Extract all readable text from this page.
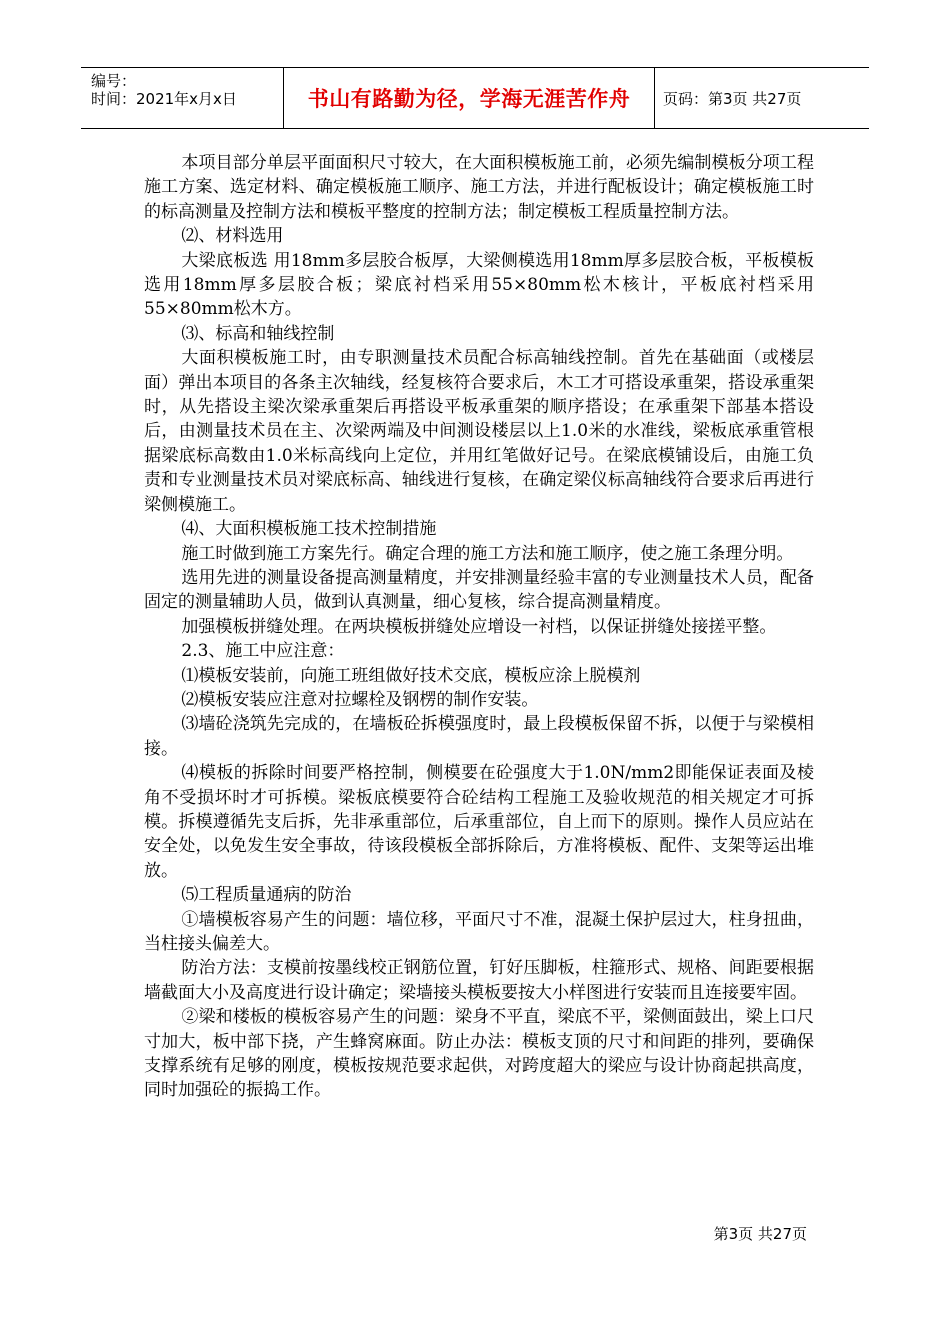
编号：
时间：2021年x月x日	书山有路勤为径，学海无涯苦作舟	页码：第3页 共27页

本项目部分单层平面面积尺寸较大，在大面积模板施工前，必须先编制模板分项工程施工方案、选定材料、确定模板施工顺序、施工方法，并进行配板设计；确定模板施工时的标高测量及控制方法和模板平整度的控制方法；制定模板工程质量控制方法。

⑵、材料选用

大梁底板选 用18mm多层胶合板厚，大梁侧模选用18mm厚多层胶合板，平板模板选用18mm厚多层胶合板；梁底衬档采用55×80mm松木核计，平板底衬档采用55×80mm松木方。

⑶、标高和轴线控制

大面积模板施工时，由专职测量技术员配合标高轴线控制。首先在基础面（或楼层面）弹出本项目的各条主次轴线，经复核符合要求后，木工才可搭设承重架，搭设承重架时，从先搭设主梁次梁承重架后再搭设平板承重架的顺序搭设；在承重架下部基本搭设后，由测量技术员在主、次梁两端及中间测设楼层以上1.0米的水准线，梁板底承重管根据梁底标高数由1.0米标高线向上定位，并用红笔做好记号。在梁底模铺设后，由施工负责和专业测量技术员对梁底标高、轴线进行复核，在确定梁仪标高轴线符合要求后再进行梁侧模施工。

⑷、大面积模板施工技术控制措施

施工时做到施工方案先行。确定合理的施工方法和施工顺序，使之施工条理分明。

选用先进的测量设备提高测量精度，并安排测量经验丰富的专业测量技术人员，配备固定的测量辅助人员，做到认真测量，细心复核，综合提高测量精度。

加强模板拼缝处理。在两块模板拼缝处应增设一衬档，以保证拼缝处接搓平整。

2.3、施工中应注意：

⑴模板安装前，向施工班组做好技术交底，模板应涂上脱模剂

⑵模板安装应注意对拉螺栓及钢楞的制作安装。

⑶墙砼浇筑先完成的，在墙板砼拆模强度时，最上段模板保留不拆，以便于与梁模相接。

⑷模板的拆除时间要严格控制，侧模要在砼强度大于1.0N/mm2即能保证表面及棱角不受损坏时才可拆模。梁板底模要符合砼结构工程施工及验收规范的相关规定才可拆模。拆模遵循先支后拆，先非承重部位，后承重部位，自上而下的原则。操作人员应站在安全处，以免发生安全事故，待该段模板全部拆除后，方准将模板、配件、支架等运出堆放。

⑸工程质量通病的防治

①墙模板容易产生的问题：墙位移，平面尺寸不准，混凝土保护层过大，柱身扭曲，当柱接头偏差大。

防治方法：支模前按墨线校正钢筋位置，钉好压脚板，柱箍形式、规格、间距要根据墙截面大小及高度进行设计确定；梁墙接头模板要按大小样图进行安装而且连接要牢固。

②梁和楼板的模板容易产生的问题：梁身不平直，梁底不平，梁侧面鼓出，梁上口尺寸加大，板中部下挠，产生蜂窝麻面。防止办法：模板支顶的尺寸和间距的排列，要确保支撑系统有足够的刚度，模板按规范要求起供，对跨度超大的梁应与设计协商起拱高度，同时加强砼的振捣工作。

第3页 共27页
